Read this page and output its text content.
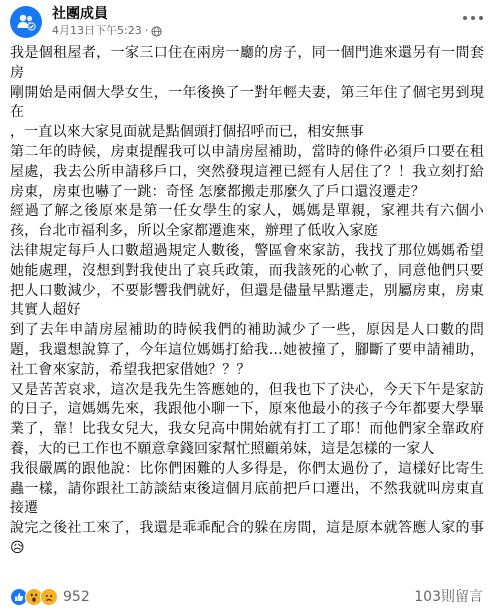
社團成員
4月13日下午5:23 ·

我是個租屋者，一家三口住在兩房一廳的房子，同一個門進來還另有一間套房

剛開始是兩個大學女生，一年後換了一對年輕夫妻，第三年住了個宅男到現在

，一直以來大家見面就是點個頭打個招呼而已，相安無事

第二年的時候，房東提醒我可以申請房屋補助，當時的條件必須戶口要在租屋處，我去公所申請移戶口，突然發現這裡已經有人居住了？！我立刻打給房東，房東也嚇了一跳：奇怪 怎麼都搬走那麼久了戶口還沒遷走？

經過了解之後原來是第一任女學生的家人，媽媽是單親，家裡共有六個小孩，台北市福利多，所以全家都遷進來，辦理了低收入家庭

法律規定每戶人口數超過規定人數後，警區會來家訪，我找了那位媽媽希望她能處理，沒想到對我使出了哀兵政策，而我該死的心軟了，同意他們只要把人口數減少，不要影響我們就好，但還是儘量早點遷走，別屬房東，房東其實人超好

到了去年申請房屋補助的時候我們的補助減少了一些，原因是人口數的問題，我還想說算了，今年這位媽媽打給我…她被撞了，腳斷了要申請補助，社工會來家訪，希望我把家借她？？？

又是苦苦哀求，這次是我先生答應她的，但我也下了決心，今天下午是家訪的日子，這媽媽先來，我跟他小聊一下，原來他最小的孩子今年都要大學畢業了，靠！比我女兒大，我女兒高中開始就有打工了耶！而他們家全靠政府養，大的已工作也不願意拿錢回家幫忙照顧弟妹，這是怎樣的一家人

我很嚴厲的跟他說：比你們困難的人多得是，你們太過份了，這樣好比寄生蟲一樣，請你跟社工訪談結束後這個月底前把戶口遷出，不然我就叫房東直接遷

說完之後社工來了，我還是乖乖配合的躲在房間，這是原本就答應人家的事😥

952	103則留言
